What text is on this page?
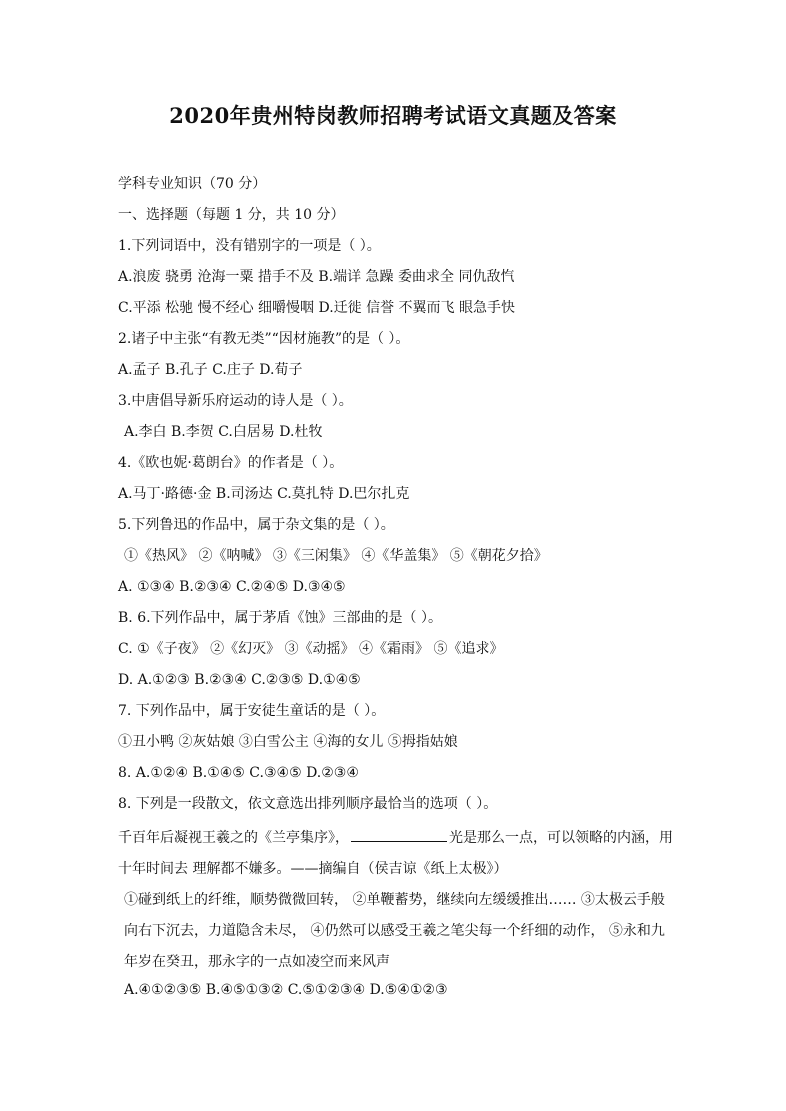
2020年贵州特岗教师招聘考试语文真题及答案
学科专业知识（70 分）
一、选择题（每题 1 分，共 10 分）
1.下列词语中，没有错别字的一项是（ ）。
A.浪废 骁勇 沧海一粟 措手不及 B.端详 急躁 委曲求全 同仇敌忾
C.平添 松驰 慢不经心 细嚼慢咽 D.迁徙 信誉 不翼而飞 眼急手快
2.诸子中主张“有教无类”“因材施教”的是（ ）。
A.孟子 B.孔子 C.庄子 D.荀子
3.中唐倡导新乐府运动的诗人是（ ）。
A.李白 B.李贺 C.白居易 D.杜牧
4.《欧也妮·葛朗台》的作者是（ ）。
A.马丁·路德·金 B.司汤达 C.莫扎特 D.巴尔扎克
5.下列鲁迅的作品中，属于杂文集的是（ ）。
①《热风》 ②《呐喊》 ③《三闲集》 ④《华盖集》 ⑤《朝花夕拾》
A. ①③④ B.②③④ C.②④⑤ D.③④⑤
B. 6.下列作品中，属于茅盾《蚀》三部曲的是（ ）。
C. ①《子夜》 ②《幻灭》 ③《动摇》 ④《霜雨》 ⑤《追求》
D. A.①②③ B.②③④ C.②③⑤ D.①④⑤
7. 下列作品中，属于安徒生童话的是（ ）。
①丑小鸭 ②灰姑娘 ③白雪公主 ④海的女儿 ⑤拇指姑娘
8. A.①②④ B.①④⑤ C.③④⑤ D.②③④
8. 下列是一段散文，依文意选出排列顺序最恰当的选项（ ）。
千百年后凝视王羲之的《兰亭集序》，	光是那么一点，可以领略的内涵，用十年时间去 理解都不嫌多。——摘编自（侯吉谅《纸上太极》）
①碰到纸上的纤维，顺势微微回转， ②单鞭蓄势，继续向左缓缓推出…… ③太极云手般向右下沉去，力道隐含未尽， ④仍然可以感受王羲之笔尖每一个纤细的动作， ⑤永和九年岁在癸丑，那永字的一点如凌空而来风声
A.④①②③⑤ B.④⑤①③② C.⑤①②③④ D.⑤④①②③
